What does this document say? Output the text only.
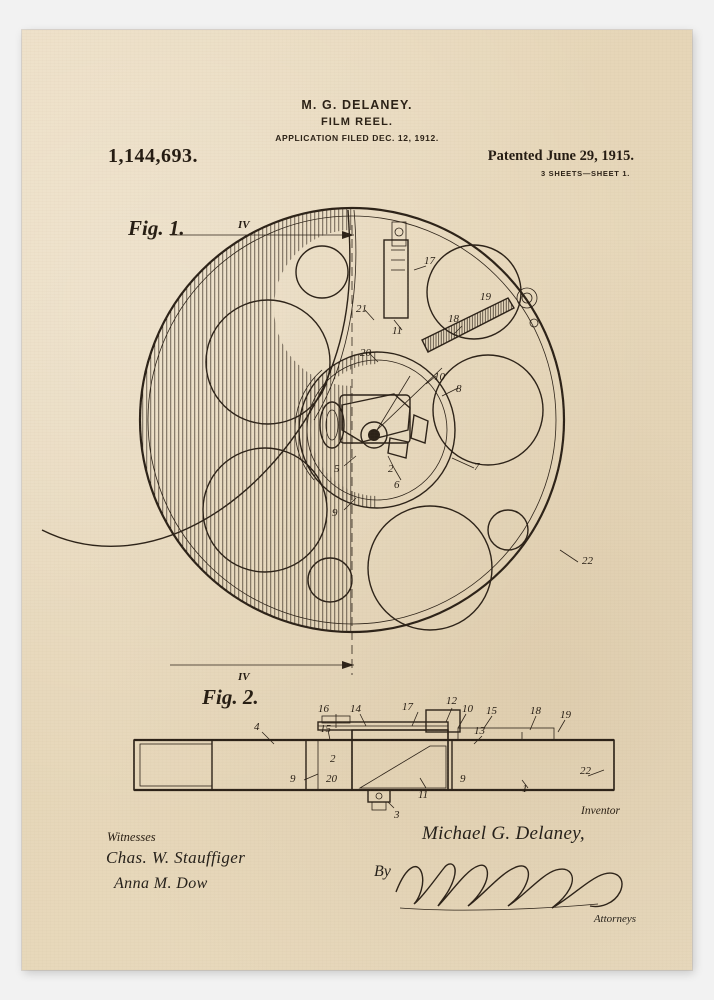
M. G. DELANEY.
FILM REEL.
APPLICATION FILED DEC. 12, 1912.
1,144,693.	Patented June 29, 1915.
3 SHEETS—SHEET 1.
Fig. 1.
Fig. 2.
IV
IV
17
19
18
21
11
20
10
8
5	2
6
7
9
22
16 14	17	12
10 15	18 19
4	15	13
2
20
9
11
9
1
22
3
Witnesses
Chas. W. Stauffiger
Anna M. Dow
Inventor
Michael G. Delaney,
By
Attorneys
